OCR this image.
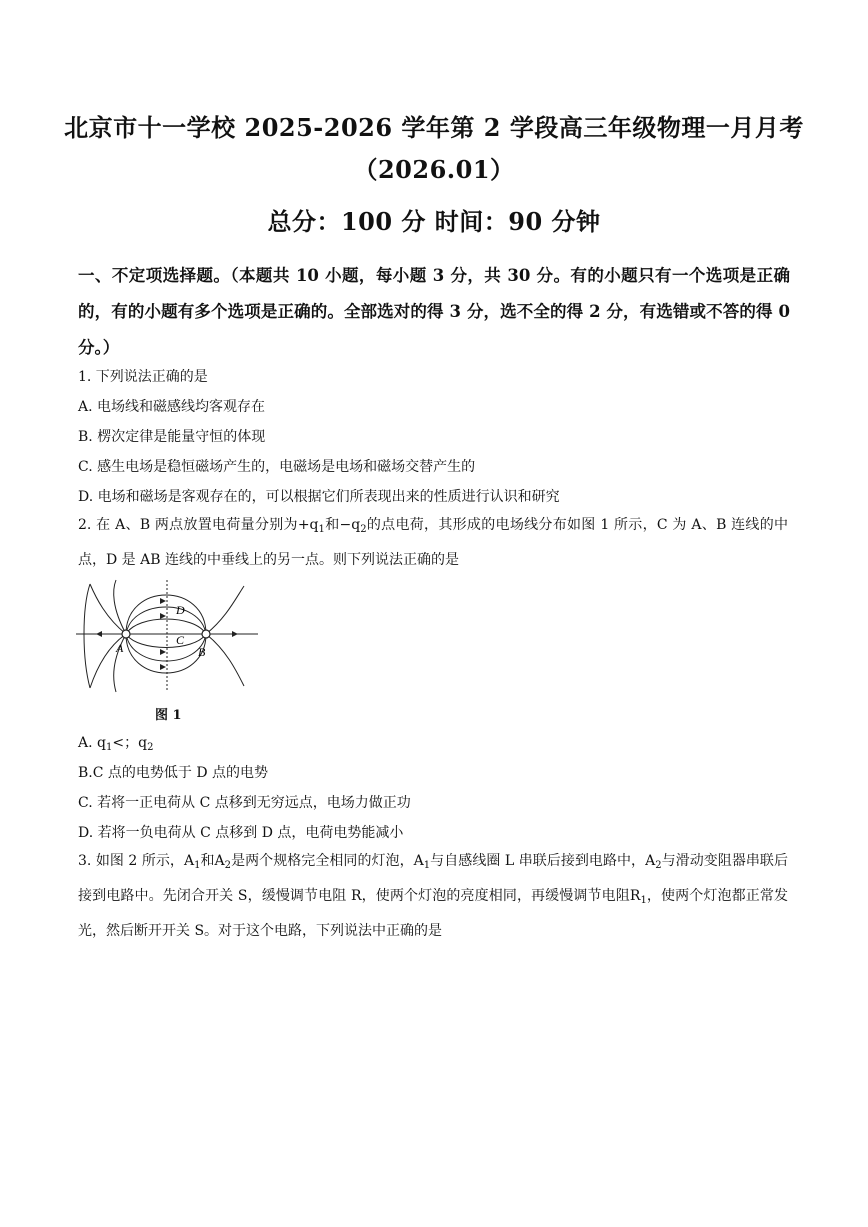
北京市十一学校 2025-2026 学年第 2 学段高三年级物理一月月考
（2026.01）
总分：100 分 时间：90 分钟
一、不定项选择题。（本题共 10 小题，每小题 3 分，共 30 分。有的小题只有一个选项是正确的，有的小题有多个选项是正确的。全部选对的得 3 分，选不全的得 2 分，有选错或不答的得 0 分。）
1. 下列说法正确的是
A. 电场线和磁感线均客观存在
B. 楞次定律是能量守恒的体现
C. 感生电场是稳恒磁场产生的，电磁场是电场和磁场交替产生的
D. 电场和磁场是客观存在的，可以根据它们所表现出来的性质进行认识和研究
2. 在 A、B 两点放置电荷量分别为$+q_1$和$-q_2$的点电荷，其形成的电场线分布如图 1 所示，C 为 A、B 连线的中点，D 是 AB 连线的中垂线上的另一点。则下列说法正确的是
A	B
C
D
图 1
A. $q_1<$；$q_2$
B.C 点的电势低于 D 点的电势
C. 若将一正电荷从 C 点移到无穷远点，电场力做正功
D. 若将一负电荷从 C 点移到 D 点，电荷电势能减小
3. 如图 2 所示，$A_1$和$A_2$是两个规格完全相同的灯泡，$A_1$与自感线圈 L 串联后接到电路中，$A_2$与滑动变阻器串联后接到电路中。先闭合开关 S，缓慢调节电阻 R，使两个灯泡的亮度相同，再缓慢调节电阻$R_1$，使两个灯泡都正常发光，然后断开开关 S。对于这个电路，下列说法中正确的是
